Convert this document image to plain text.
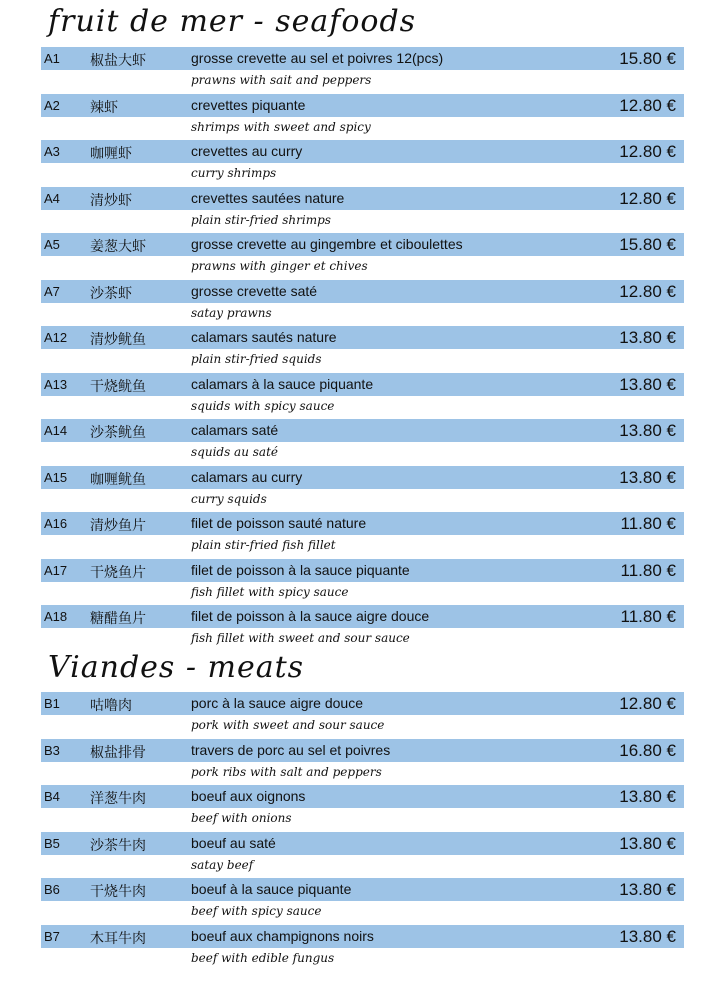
fruit de mer - seafoods
A1 椒盐大虾	grosse crevette au sel et poivres 12(pcs)	15.80 €
prawns with sait and peppers
A2 辣虾	crevettes piquante	12.80 €
shrimps with sweet and spicy
A3 咖喱虾	crevettes au curry	12.80 €
curry shrimps
A4 清炒虾	crevettes sautées nature	12.80 €
plain stir-fried shrimps
A5 姜葱大虾	grosse crevette au gingembre et ciboulettes	15.80 €
prawns with ginger et chives
A7 沙茶虾	grosse crevette saté	12.80 €
satay prawns
A12 清炒鱿鱼	calamars sautés nature	13.80 €
plain stir-fried squids
A13 干烧鱿鱼	calamars à la sauce piquante	13.80 €
squids with spicy sauce
A14 沙茶鱿鱼	calamars saté	13.80 €
squids au saté
A15 咖喱鱿鱼	calamars au curry	13.80 €
curry squids
A16 清炒鱼片	filet de poisson sauté nature	11.80 €
plain stir-fried fish fillet
A17 干烧鱼片	filet de poisson à la sauce piquante	11.80 €
fish fillet with spicy sauce
A18 糖醋鱼片	filet de poisson à la sauce aigre douce	11.80 €
fish fillet with sweet and sour sauce
Viandes - meats
B1 咕噜肉	porc à la sauce aigre douce	12.80 €
pork with sweet and sour sauce
B3 椒盐排骨	travers de porc au sel et poivres	16.80 €
pork ribs with salt and peppers
B4 洋葱牛肉	boeuf aux oignons	13.80 €
beef with onions
B5 沙茶牛肉	boeuf au saté	13.80 €
satay beef
B6 干烧牛肉	boeuf à la sauce piquante	13.80 €
beef with spicy sauce
B7 木耳牛肉	boeuf aux champignons noirs	13.80 €
beef with edible fungus
